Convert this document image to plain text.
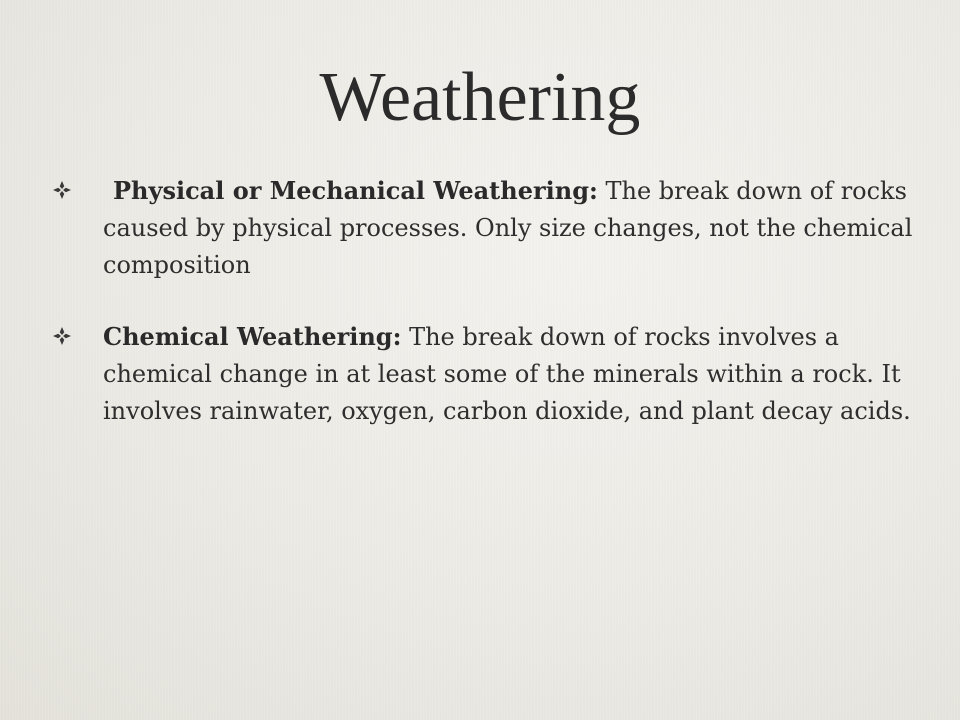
Weathering
Physical or Mechanical Weathering: The break down of rocks caused by physical processes. Only size changes, not the chemical composition
Chemical Weathering: The break down of rocks involves a chemical change in at least some of the minerals within a rock. It involves rainwater, oxygen, carbon dioxide, and plant decay acids.
